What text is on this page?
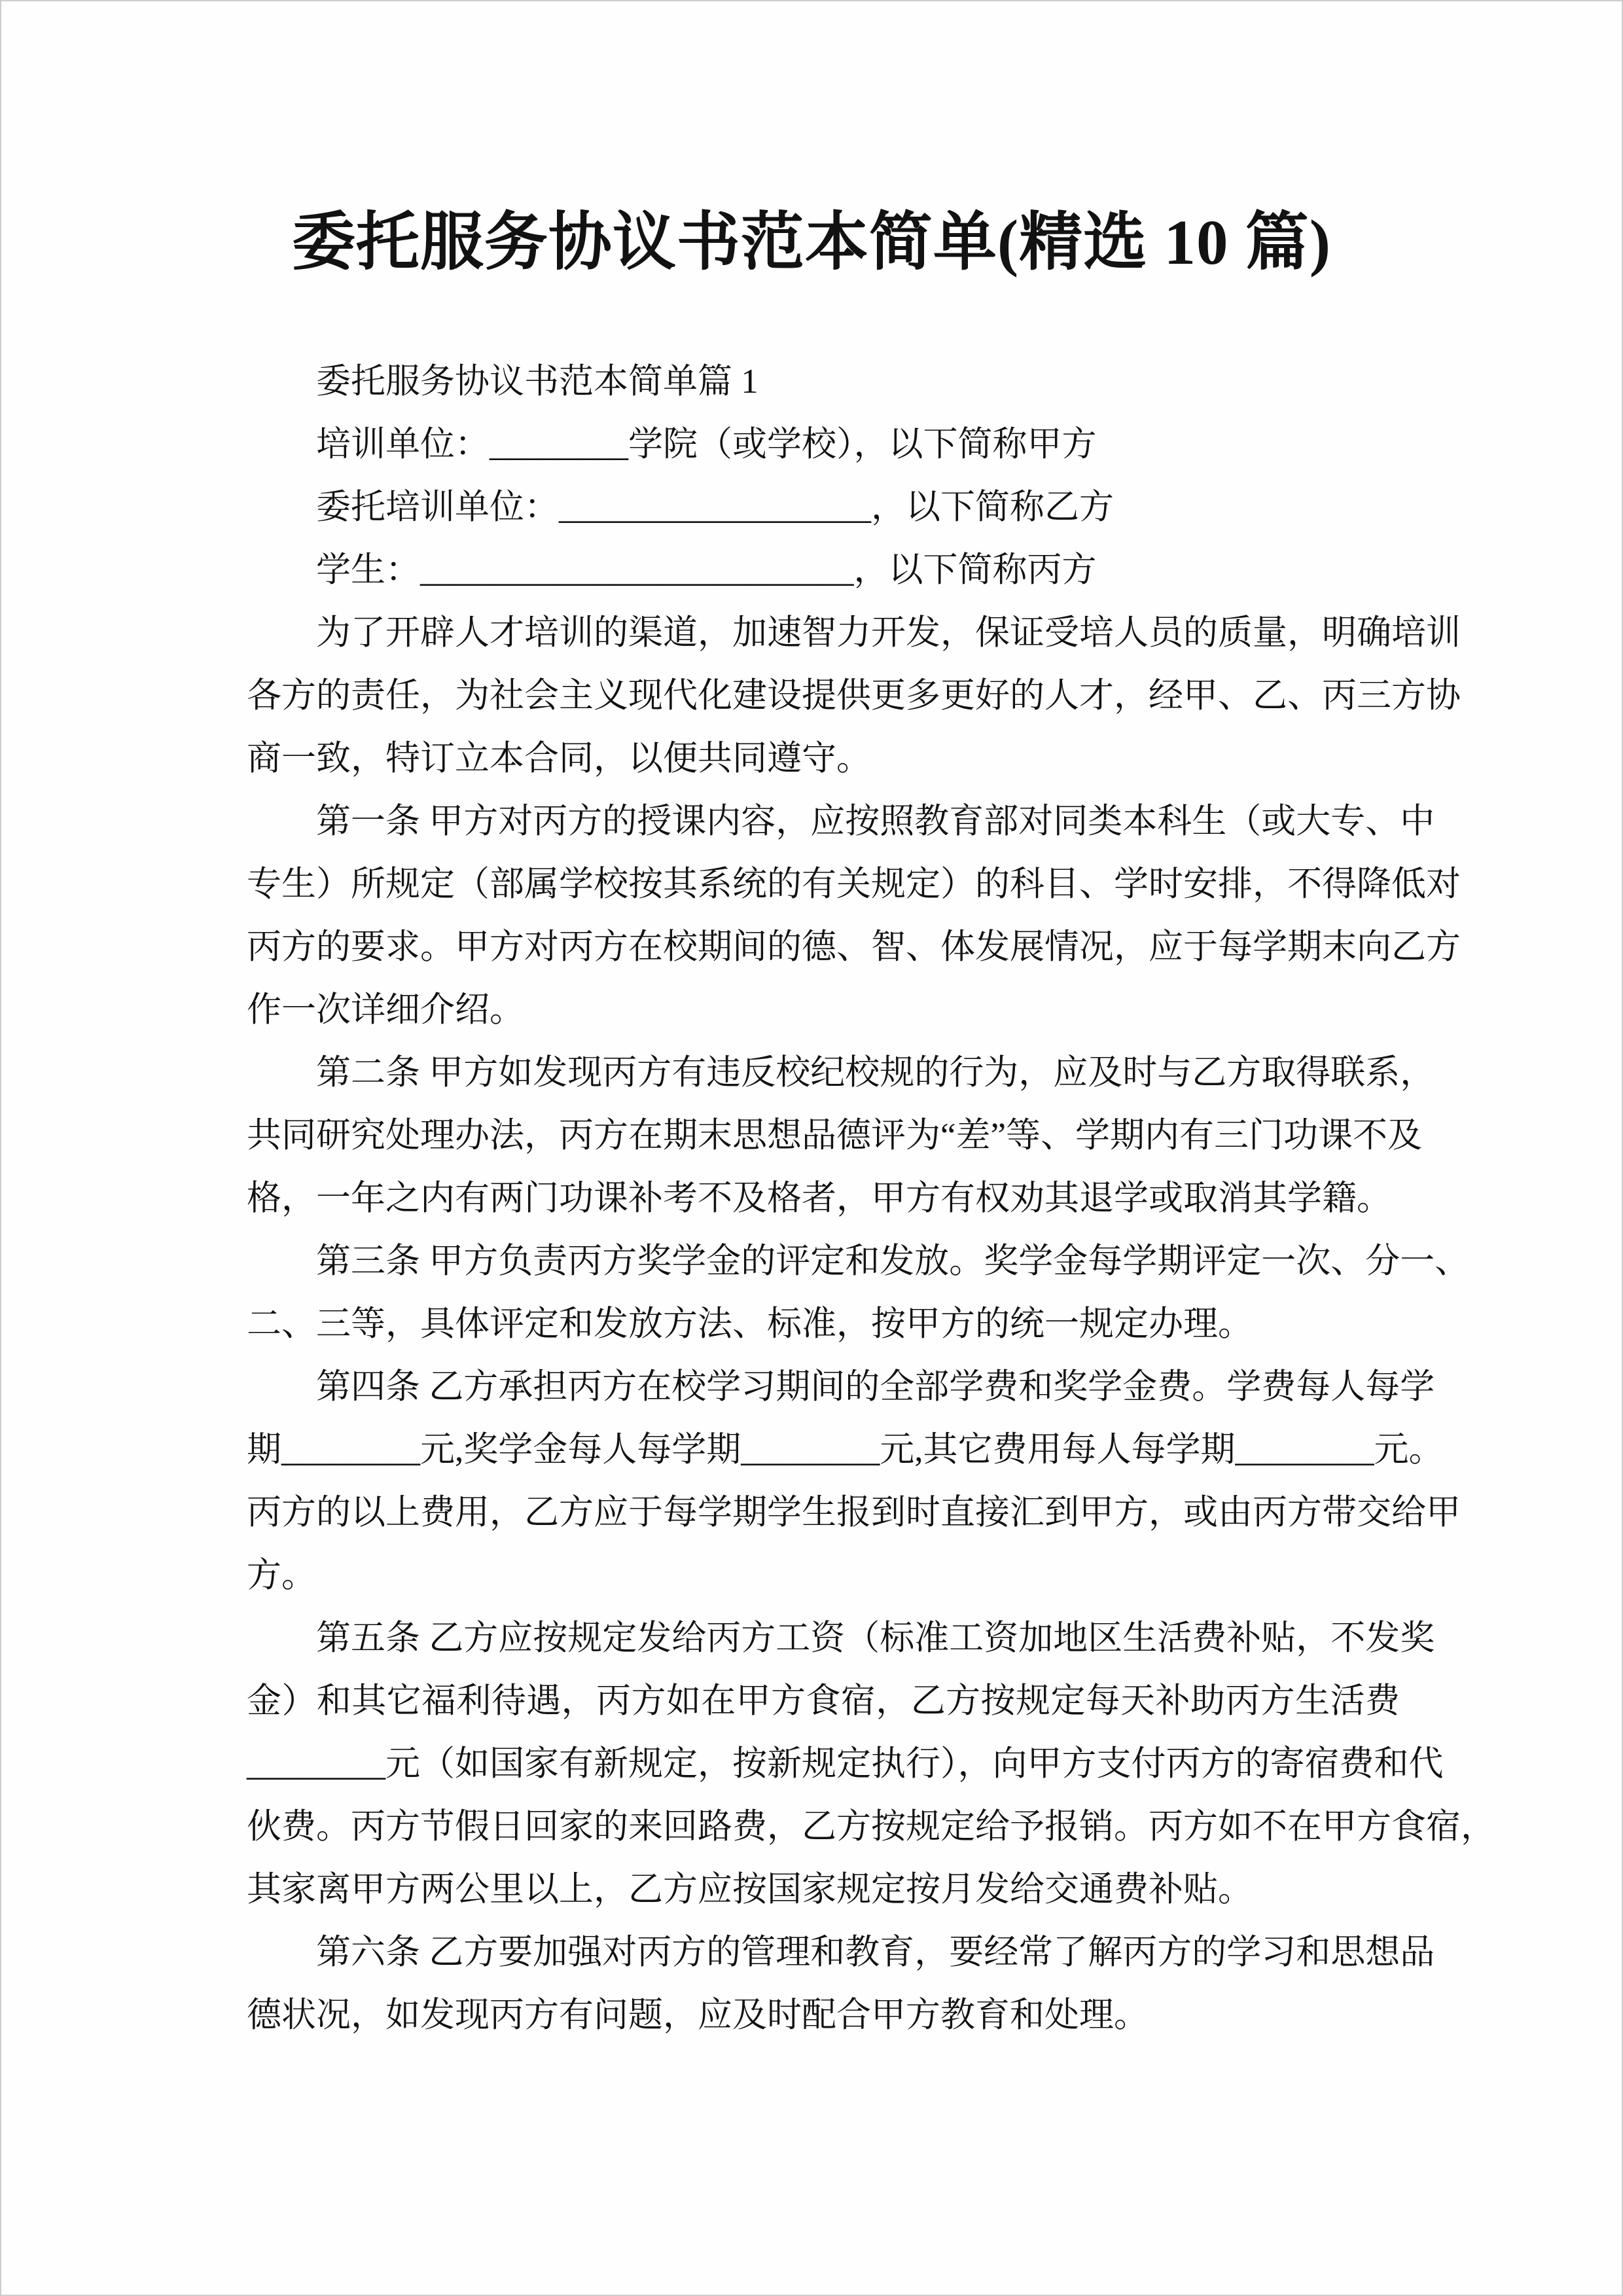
委托服务协议书范本简单(精选 10 篇)
委托服务协议书范本简单篇 1
培训单位：________学院（或学校），以下简称甲方
委托培训单位：__________________，以下简称乙方
学生：_________________________，以下简称丙方
为了开辟人才培训的渠道，加速智力开发，保证受培人员的质量，明确培训
各方的责任，为社会主义现代化建设提供更多更好的人才，经甲、乙、丙三方协
商一致，特订立本合同，以便共同遵守。
第一条 甲方对丙方的授课内容，应按照教育部对同类本科生（或大专、中
专生）所规定（部属学校按其系统的有关规定）的科目、学时安排，不得降低对
丙方的要求。甲方对丙方在校期间的德、智、体发展情况，应于每学期末向乙方
作一次详细介绍。
第二条 甲方如发现丙方有违反校纪校规的行为，应及时与乙方取得联系，
共同研究处理办法，丙方在期末思想品德评为“差”等、学期内有三门功课不及
格，一年之内有两门功课补考不及格者，甲方有权劝其退学或取消其学籍。
第三条 甲方负责丙方奖学金的评定和发放。奖学金每学期评定一次、分一、
二、三等，具体评定和发放方法、标准，按甲方的统一规定办理。
第四条 乙方承担丙方在校学习期间的全部学费和奖学金费。学费每人每学
期________元,奖学金每人每学期________元,其它费用每人每学期________元。
丙方的以上费用，乙方应于每学期学生报到时直接汇到甲方，或由丙方带交给甲
方。
第五条 乙方应按规定发给丙方工资（标准工资加地区生活费补贴，不发奖
金）和其它福利待遇，丙方如在甲方食宿，乙方按规定每天补助丙方生活费
________元（如国家有新规定，按新规定执行），向甲方支付丙方的寄宿费和代
伙费。丙方节假日回家的来回路费，乙方按规定给予报销。丙方如不在甲方食宿，
其家离甲方两公里以上，乙方应按国家规定按月发给交通费补贴。
第六条 乙方要加强对丙方的管理和教育，要经常了解丙方的学习和思想品
德状况，如发现丙方有问题，应及时配合甲方教育和处理。
